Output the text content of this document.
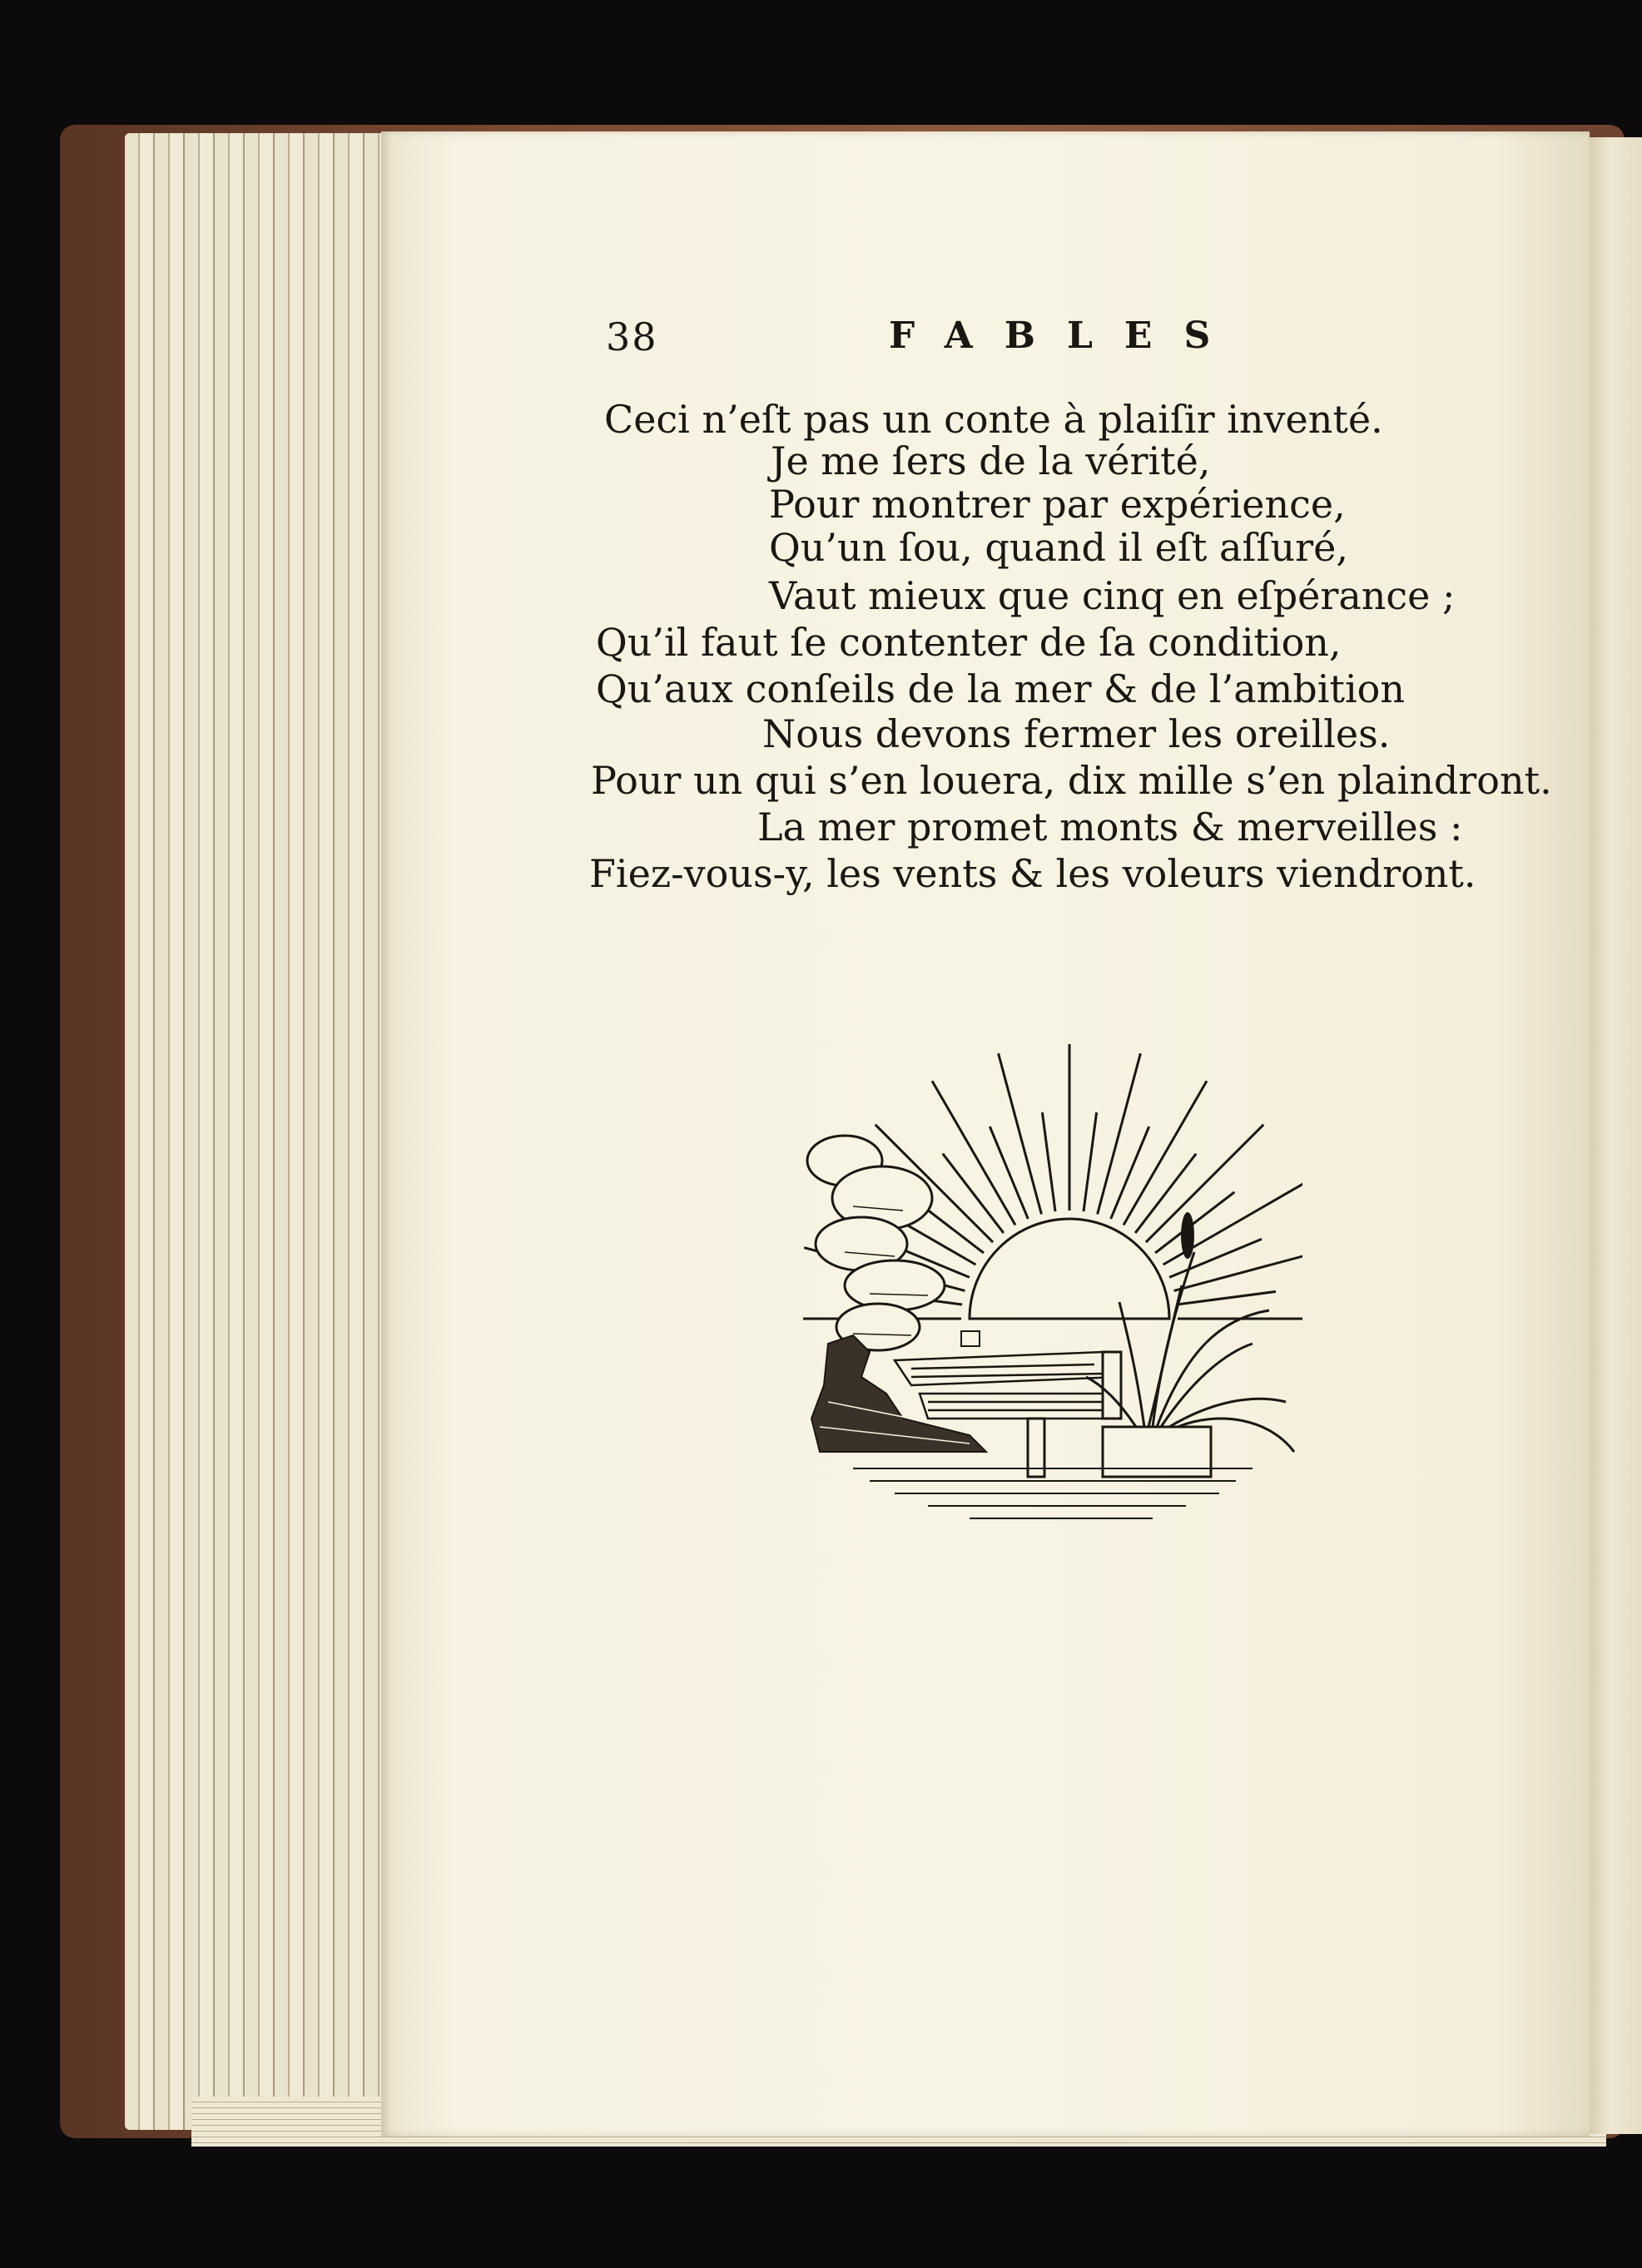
38	FABLES
Ceci n’eſt pas un conte à plaiſir inventé.
Je me ſers de la vérité,
Pour montrer par expérience,
Qu’un ſou, quand il eſt aſſuré,
Vaut mieux que cinq en eſpérance ;
Qu’il faut ſe contenter de ſa condition,
Qu’aux conſeils de la mer & de l’ambition
Nous devons fermer les oreilles.
Pour un qui s’en louera, dix mille s’en plaindront.
La mer promet monts & merveilles :
Fiez-vous-y, les vents & les voleurs viendront.
